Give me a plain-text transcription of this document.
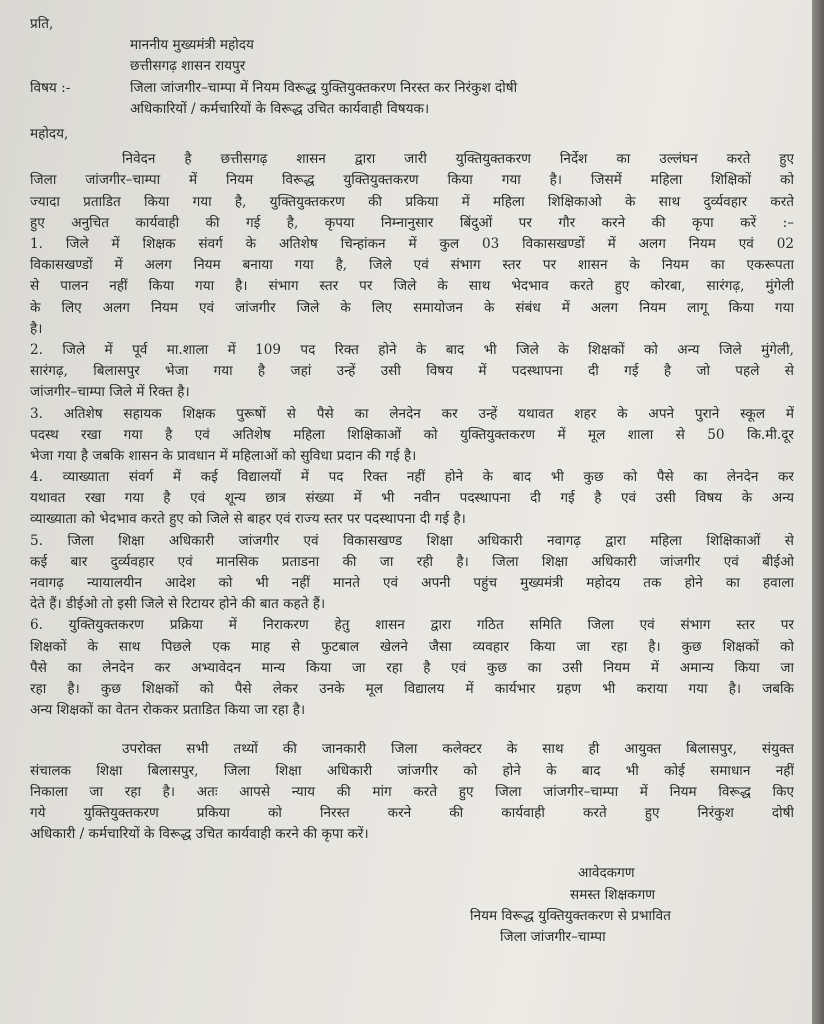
प्रति,
माननीय मुख्यमंत्री महोदय
छत्तीसगढ़ शासन रायपुर
विषय :-	जिला जांजगीर–चाम्पा में नियम विरूद्ध युक्तियुक्तकरण निरस्त कर निरंकुश दोषी
अधिकारियों / कर्मचारियों के विरूद्ध उचित कार्यवाही विषयक।
महोदय,
निवेदन है छत्तीसगढ़ शासन द्वारा जारी युक्तियुक्तकरण निर्देश का उल्लंघन करते हुए
जिला जांजगीर–चाम्पा में नियम विरूद्ध युक्तियुक्तकरण किया गया है। जिसमें महिला शिक्षिकों को
ज्यादा प्रताडित किया गया है, युक्तियुक्तकरण की प्रकिया में महिला शिक्षिकाओ के साथ दुर्व्यवहार करते
हुए अनुचित कार्यवाही की गई है, कृपया निम्नानुसार बिंदुओं पर गौर करने की कृपा करें :–
1. जिले में शिक्षक संवर्ग के अतिशेष चिन्हांकन में कुल 03 विकासखण्डों में अलग नियम एवं 02
विकासखण्डों में अलग नियम बनाया गया है, जिले एवं संभाग स्तर पर शासन के नियम का एकरूपता
से पालन नहीं किया गया है। संभाग स्तर पर जिले के साथ भेदभाव करते हुए कोरबा, सारंगढ़, मुंगेली
के लिए अलग नियम एवं जांजगीर जिले के लिए समायोजन के संबंध में अलग नियम लागू किया गया
है।
2. जिले में पूर्व मा.शाला में 109 पद रिक्त होने के बाद भी जिले के शिक्षकों को अन्य जिले मुंगेली,
सारंगढ़, बिलासपुर भेजा गया है जहां उन्हें उसी विषय में पदस्थापना दी गई है जो पहले से
जांजगीर–चाम्पा जिले में रिक्त है।
3. अतिशेष सहायक शिक्षक पुरूषों से पैसे का लेनदेन कर उन्हें यथावत शहर के अपने पुराने स्कूल में
पदस्थ रखा गया है एवं अतिशेष महिला शिक्षिकाओं को युक्तियुक्तकरण में मूल शाला से 50 कि.मी.दूर
भेजा गया है जबकि शासन के प्रावधान में महिलाओं को सुविधा प्रदान की गई है।
4. व्याख्याता संवर्ग में कई विद्यालयों में पद रिक्त नहीं होने के बाद भी कुछ को पैसे का लेनदेन कर
यथावत रखा गया है एवं शून्य छात्र संख्या में भी नवीन पदस्थापना दी गई है एवं उसी विषय के अन्य
व्याख्याता को भेदभाव करते हुए को जिले से बाहर एवं राज्य स्तर पर पदस्थापना दी गई है।
5. जिला शिक्षा अधिकारी जांजगीर एवं विकासखण्ड शिक्षा अधिकारी नवागढ़ द्वारा महिला शिक्षिकाओं से
कई बार दुर्व्यवहार एवं मानसिक प्रताडना की जा रही है। जिला शिक्षा अधिकारी जांजगीर एवं बीईओ
नवागढ़ न्यायालयीन आदेश को भी नहीं मानते एवं अपनी पहुंच मुख्यमंत्री महोदय तक होने का हवाला
देते हैं। डीईओ तो इसी जिले से रिटायर होने की बात कहते हैं।
6. युक्तियुक्तकरण प्रक्रिया में निराकरण हेतु शासन द्वारा गठित समिति जिला एवं संभाग स्तर पर
शिक्षकों के साथ पिछले एक माह से फुटबाल खेलने जैसा व्यवहार किया जा रहा है। कुछ शिक्षकों को
पैसे का लेनदेन कर अभ्यावेदन मान्य किया जा रहा है एवं कुछ का उसी नियम में अमान्य किया जा
रहा है। कुछ शिक्षकों को पैसे लेकर उनके मूल विद्यालय में कार्यभार ग्रहण भी कराया गया है। जबकि
अन्य शिक्षकों का वेतन रोककर प्रताडित किया जा रहा है।
उपरोक्त सभी तथ्यों की जानकारी जिला कलेक्टर के साथ ही आयुक्त बिलासपुर, संयुक्त
संचालक शिक्षा बिलासपुर, जिला शिक्षा अधिकारी जांजगीर को होने के बाद भी कोई समाधान नहीं
निकाला जा रहा है। अतः आपसे न्याय की मांग करते हुए जिला जांजगीर–चाम्पा में नियम विरूद्ध किए
गये युक्तियुक्तकरण प्रकिया को निरस्त करने की कार्यवाही करते हुए निरंकुश दोषी
अधिकारी / कर्मचारियों के विरूद्ध उचित कार्यवाही करने की कृपा करें।
आवेदकगण
समस्त शिक्षकगण
नियम विरूद्ध युक्तियुक्तकरण से प्रभावित
जिला जांजगीर–चाम्पा
